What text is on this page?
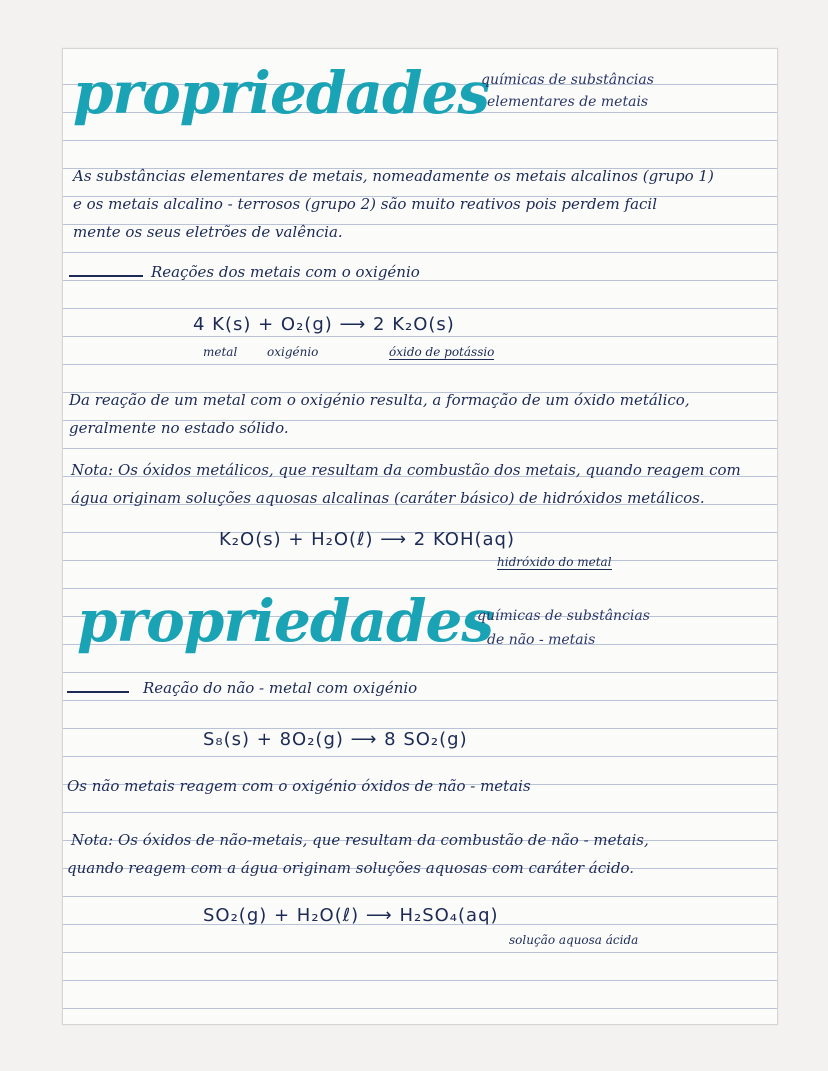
propriedades
químicas de substâncias
elementares de metais
As substâncias elementares de metais, nomeadamente os metais alcalinos (grupo 1)
e os metais alcalino - terrosos (grupo 2) são muito reativos pois perdem facil
mente os seus eletrões de valência.
Reações dos metais com o oxigénio
4 K(s) + O₂(g) ⟶ 2 K₂O(s)
metal oxigénio	óxido de potássio
Da reação de um metal com o oxigénio resulta, a formação de um óxido metálico,
geralmente no estado sólido.
Nota: Os óxidos metálicos, que resultam da combustão dos metais, quando reagem com
água originam soluções aquosas alcalinas (caráter básico) de hidróxidos metálicos.
K₂O(s) + H₂O(ℓ) ⟶ 2 KOH(aq)
hidróxido do metal
propriedades
químicas de substâncias
de não - metais
Reação do não - metal com oxigénio
S₈(s) + 8O₂(g) ⟶ 8 SO₂(g)
Os não metais reagem com o oxigénio óxidos de não - metais
Nota: Os óxidos de não-metais, que resultam da combustão de não - metais,
quando reagem com a água originam soluções aquosas com caráter ácido.
SO₂(g) + H₂O(ℓ) ⟶ H₂SO₄(aq)
solução aquosa ácida
